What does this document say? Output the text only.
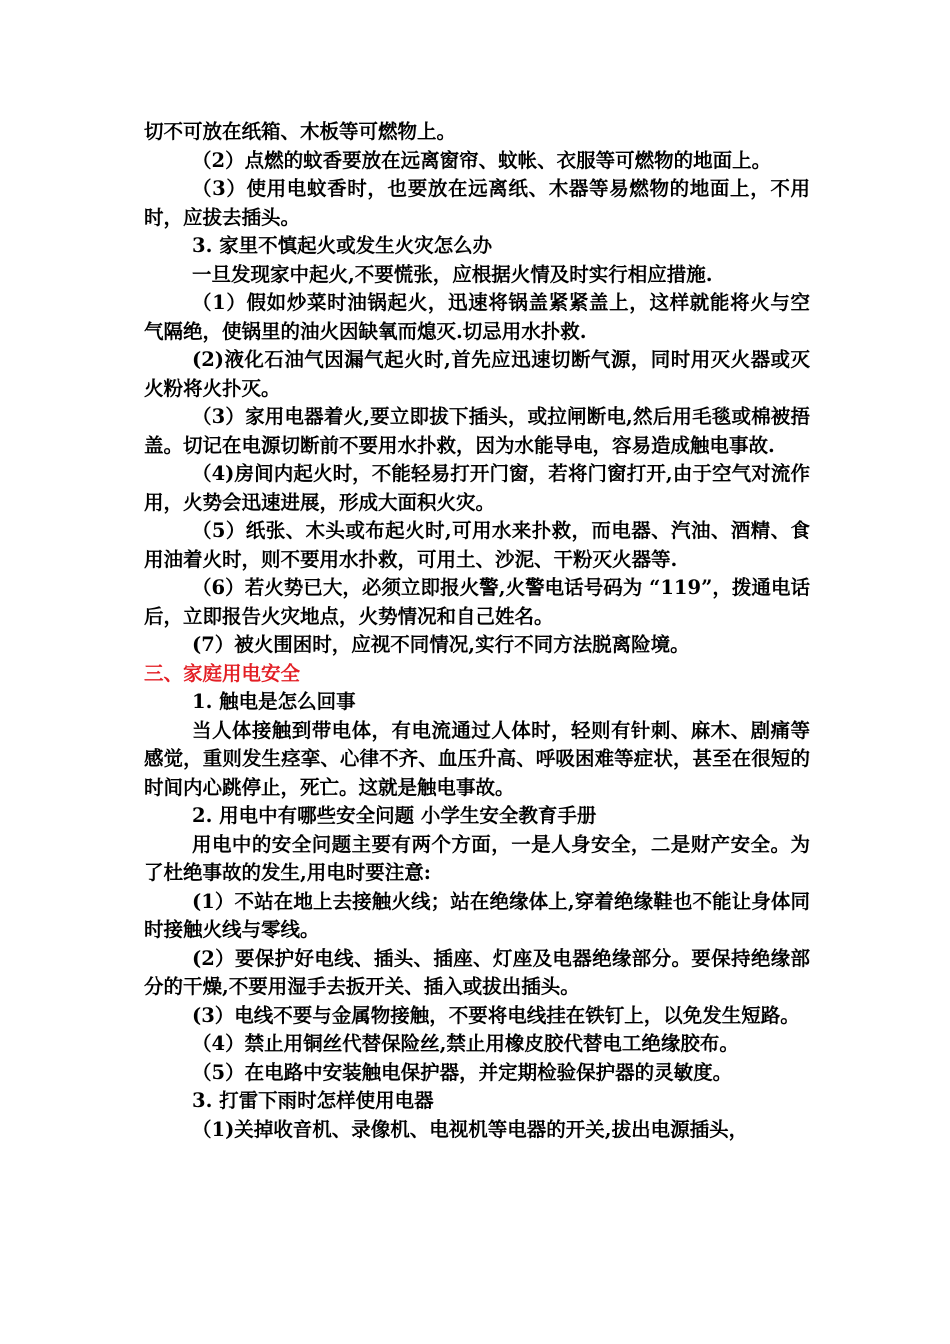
切不可放在纸箱、木板等可燃物上。

（2）点燃的蚊香要放在远离窗帘、蚊帐、衣服等可燃物的地面上。

（3）使用电蚊香时，也要放在远离纸、木器等易燃物的地面上，不用时，应拔去插头。

3. 家里不慎起火或发生火灾怎么办

一旦发现家中起火,不要慌张，应根据火情及时实行相应措施.

（1）假如炒菜时油锅起火，迅速将锅盖紧紧盖上，这样就能将火与空气隔绝，使锅里的油火因缺氧而熄灭.切忌用水扑救.

(2)液化石油气因漏气起火时,首先应迅速切断气源，同时用灭火器或灭火粉将火扑灭。

（3）家用电器着火,要立即拔下插头，或拉闸断电,然后用毛毯或棉被捂盖。切记在电源切断前不要用水扑救，因为水能导电，容易造成触电事故.

（4)房间内起火时，不能轻易打开门窗，若将门窗打开,由于空气对流作用，火势会迅速进展，形成大面积火灾。

（5）纸张、木头或布起火时,可用水来扑救，而电器、汽油、酒精、食用油着火时，则不要用水扑救，可用土、沙泥、干粉灭火器等.

（6）若火势已大，必须立即报火警,火警电话号码为 “119”，拨通电话后，立即报告火灾地点，火势情况和自己姓名。

(7）被火围困时，应视不同情况,实行不同方法脱离险境。

三、家庭用电安全

1. 触电是怎么回事

当人体接触到带电体，有电流通过人体时，轻则有针刺、麻木、剧痛等感觉，重则发生痉挛、心律不齐、血压升高、呼吸困难等症状，甚至在很短的时间内心跳停止，死亡。这就是触电事故。

2. 用电中有哪些安全问题 小学生安全教育手册

用电中的安全问题主要有两个方面，一是人身安全，二是财产安全。为了杜绝事故的发生,用电时要注意:

(1）不站在地上去接触火线；站在绝缘体上,穿着绝缘鞋也不能让身体同时接触火线与零线。

(2）要保护好电线、插头、插座、灯座及电器绝缘部分。要保持绝缘部分的干燥,不要用湿手去扳开关、插入或拔出插头。

(3）电线不要与金属物接触，不要将电线挂在铁钉上，以免发生短路。

（4）禁止用铜丝代替保险丝,禁止用橡皮胶代替电工绝缘胶布。

（5）在电路中安装触电保护器，并定期检验保护器的灵敏度。

3. 打雷下雨时怎样使用电器

（1)关掉收音机、录像机、电视机等电器的开关,拔出电源插头，
